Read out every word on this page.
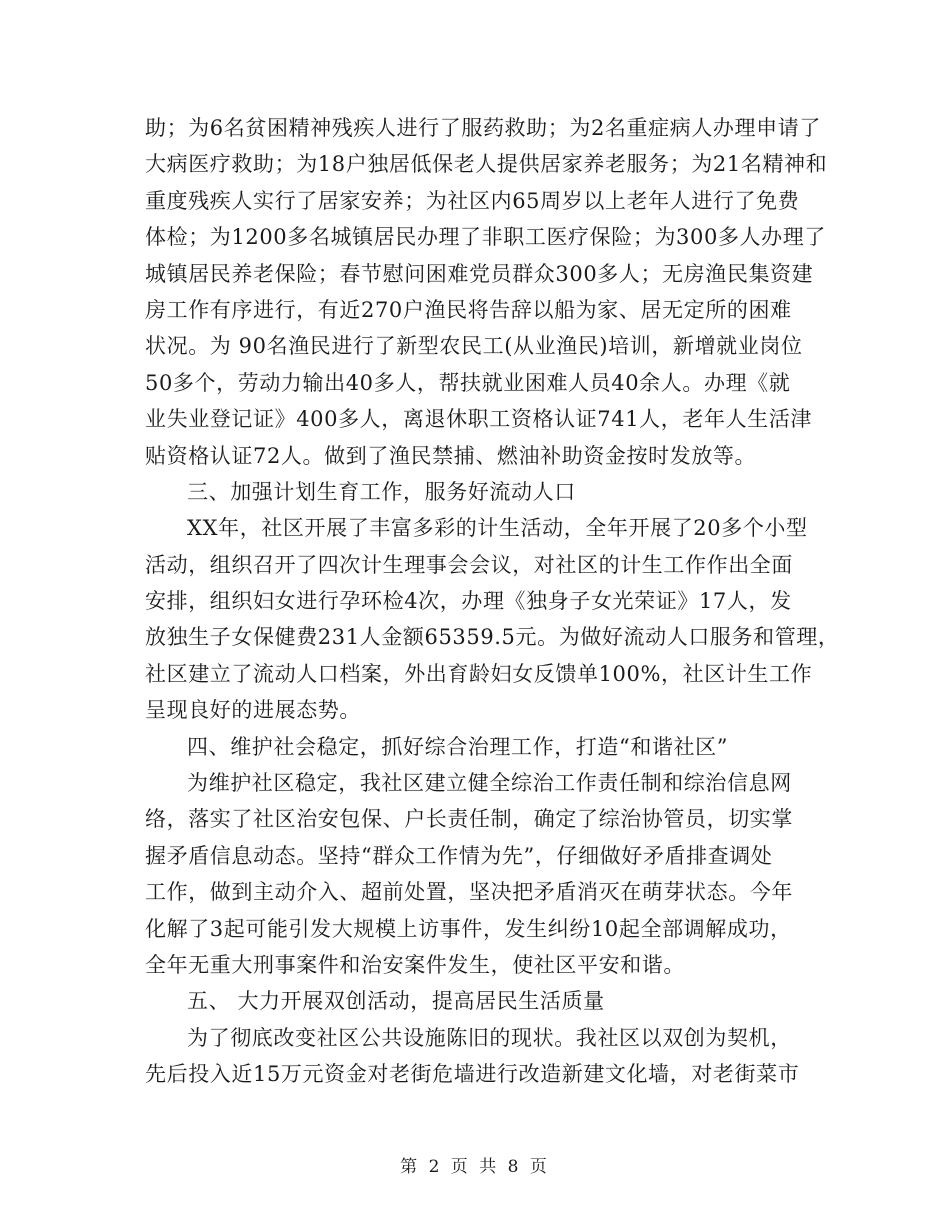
助；为6名贫困精神残疾人进行了服药救助；为2名重症病人办理申请了
大病医疗救助；为18户独居低保老人提供居家养老服务；为21名精神和
重度残疾人实行了居家安养；为社区内65周岁以上老年人进行了免费
体检；为1200多名城镇居民办理了非职工医疗保险；为300多人办理了
城镇居民养老保险；春节慰问困难党员群众300多人；无房渔民集资建
房工作有序进行，有近270户渔民将告辞以船为家、居无定所的困难
状况。为 90名渔民进行了新型农民工(从业渔民)培训，新增就业岗位
50多个，劳动力输出40多人，帮扶就业困难人员40余人。办理《就
业失业登记证》400多人，离退休职工资格认证741人，老年人生活津
贴资格认证72人。做到了渔民禁捕、燃油补助资金按时发放等。
三、加强计划生育工作，服务好流动人口
XX年，社区开展了丰富多彩的计生活动，全年开展了20多个小型
活动，组织召开了四次计生理事会会议，对社区的计生工作作出全面
安排，组织妇女进行孕环检4次，办理《独身子女光荣证》17人，发
放独生子女保健费231人金额65359.5元。为做好流动人口服务和管理，
社区建立了流动人口档案，外出育龄妇女反馈单100%，社区计生工作
呈现良好的进展态势。
四、维护社会稳定，抓好综合治理工作，打造“和谐社区”
为维护社区稳定，我社区建立健全综治工作责任制和综治信息网
络，落实了社区治安包保、户长责任制，确定了综治协管员，切实掌
握矛盾信息动态。坚持“群众工作情为先”，仔细做好矛盾排查调处
工作，做到主动介入、超前处置，坚决把矛盾消灭在萌芽状态。今年
化解了3起可能引发大规模上访事件，发生纠纷10起全部调解成功，
全年无重大刑事案件和治安案件发生，使社区平安和谐。
五、 大力开展双创活动，提高居民生活质量
为了彻底改变社区公共设施陈旧的现状。我社区以双创为契机，
先后投入近15万元资金对老街危墙进行改造新建文化墙，对老街菜市
第 2 页 共 8 页
